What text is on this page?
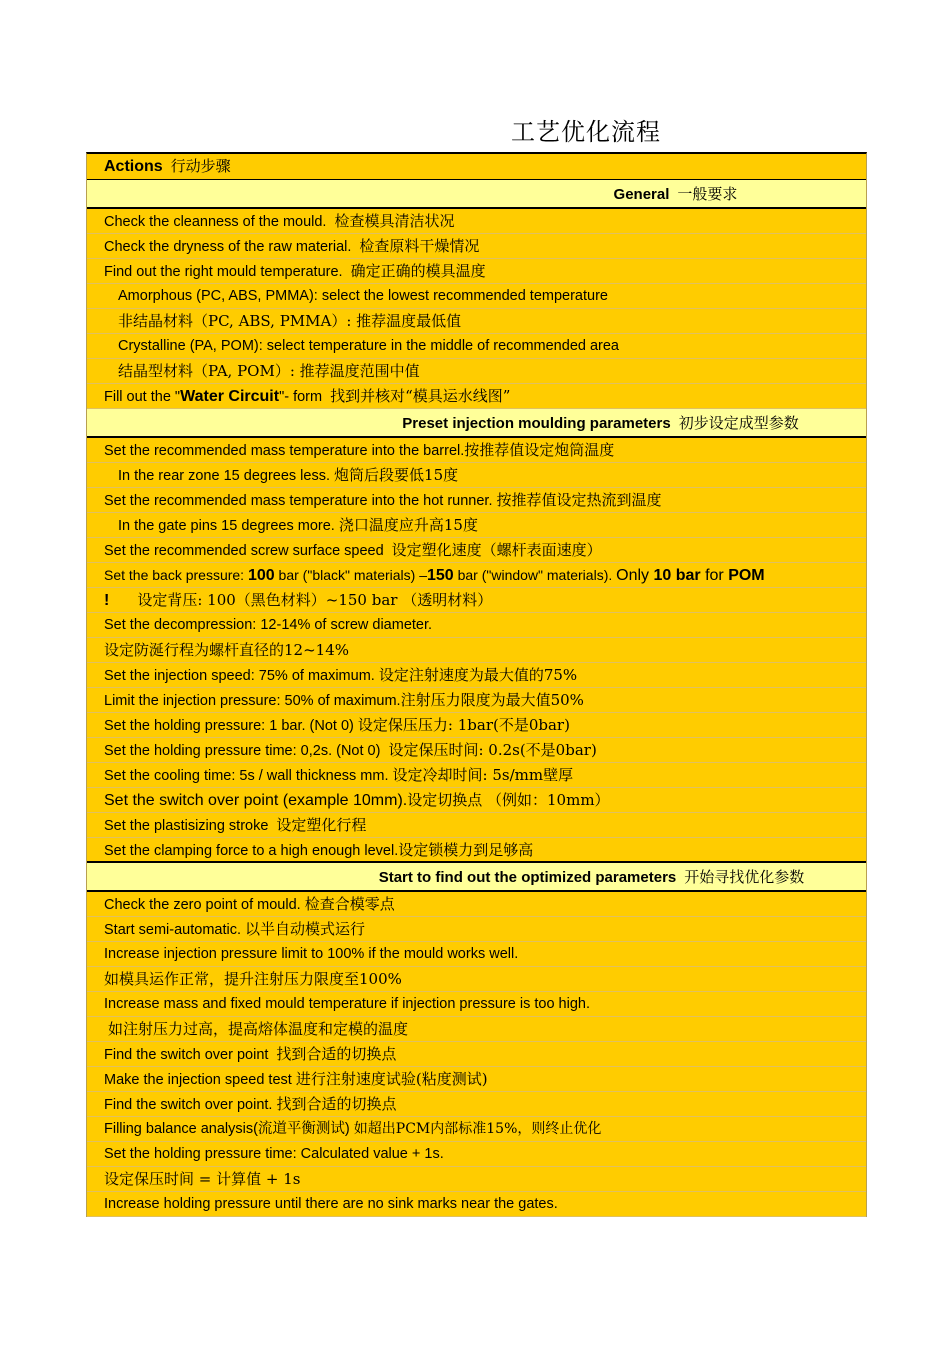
工艺优化流程
Actions 行动步骤
General 一般要求
Check the cleanness of the mould. 检查模具清洁状况
Check the dryness of the raw material. 检查原料干燥情况
Find out the right mould temperature. 确定正确的模具温度
Amorphous (PC, ABS, PMMA): select the lowest recommended temperature
非结晶材料（PC, ABS, PMMA）: 推荐温度最低值
Crystalline (PA, POM): select temperature in the middle of recommended area
结晶型材料（PA, POM）: 推荐温度范围中值
Fill out the "Water Circuit"- form 找到并核对“模具运水线图”
Preset injection moulding parameters 初步设定成型参数
Set the recommended mass temperature into the barrel.按推荐值设定炮筒温度
In the rear zone 15 degrees less. 炮筒后段要低15度
Set the recommended mass temperature into the hot runner. 按推荐值设定热流到温度
In the gate pins 15 degrees more. 浇口温度应升高15度
Set the recommended screw surface speed 设定塑化速度（螺杆表面速度）
Set the back pressure: 100 bar ("black" materials) –150 bar ("window" materials). Only 10 bar for POM
! 设定背压: 100（黑色材料）~150 bar （透明材料）
Set the decompression: 12-14% of screw diameter.
设定防涎行程为螺杆直径的12~14%
Set the injection speed: 75% of maximum. 设定注射速度为最大值的75%
Limit the injection pressure: 50% of maximum.注射压力限度为最大值50%
Set the holding pressure: 1 bar. (Not 0) 设定保压压力: 1bar(不是0bar)
Set the holding pressure time: 0,2s. (Not 0) 设定保压时间: 0.2s(不是0bar)
Set the cooling time: 5s / wall thickness mm. 设定冷却时间: 5s/mm壁厚
Set the switch over point (example 10mm).设定切换点 （例如：10mm）
Set the plastisizing stroke 设定塑化行程
Set the clamping force to a high enough level.设定锁模力到足够高
Start to find out the optimized parameters 开始寻找优化参数
Check the zero point of mould. 检查合模零点
Start semi-automatic. 以半自动模式运行
Increase injection pressure limit to 100% if the mould works well.
如模具运作正常，提升注射压力限度至100%
Increase mass and fixed mould temperature if injection pressure is too high.
如注射压力过高，提高熔体温度和定模的温度
Find the switch over point 找到合适的切换点
Make the injection speed test 进行注射速度试验(粘度测试)
Find the switch over point. 找到合适的切换点
Filling balance analysis(流道平衡测试) 如超出PCM内部标准15%，则终止优化
Set the holding pressure time: Calculated value + 1s.
设定保压时间 = 计算值 + 1s
Increase holding pressure until there are no sink marks near the gates.
